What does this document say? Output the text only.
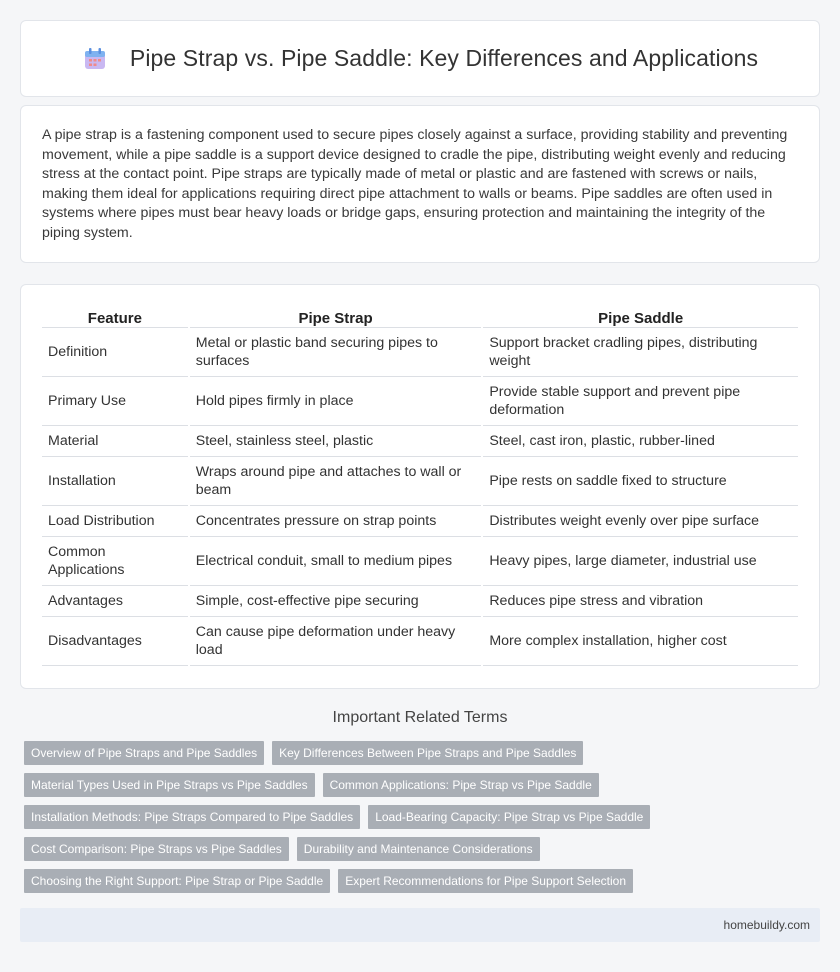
Pipe Strap vs. Pipe Saddle: Key Differences and Applications

A pipe strap is a fastening component used to secure pipes closely against a surface, providing stability and preventing movement, while a pipe saddle is a support device designed to cradle the pipe, distributing weight evenly and reducing stress at the contact point. Pipe straps are typically made of metal or plastic and are fastened with screws or nails, making them ideal for applications requiring direct pipe attachment to walls or beams. Pipe saddles are often used in systems where pipes must bear heavy loads or bridge gaps, ensuring protection and maintaining the integrity of the piping system.

Feature	Pipe Strap	Pipe Saddle
Definition	Metal or plastic band securing pipes to surfaces	Support bracket cradling pipes, distributing weight
Primary Use	Hold pipes firmly in place	Provide stable support and prevent pipe deformation
Material	Steel, stainless steel, plastic	Steel, cast iron, plastic, rubber-lined
Installation	Wraps around pipe and attaches to wall or beam	Pipe rests on saddle fixed to structure
Load Distribution	Concentrates pressure on strap points	Distributes weight evenly over pipe surface
Common Applications	Electrical conduit, small to medium pipes	Heavy pipes, large diameter, industrial use
Advantages	Simple, cost-effective pipe securing	Reduces pipe stress and vibration
Disadvantages	Can cause pipe deformation under heavy load	More complex installation, higher cost
Important Related Terms
Overview of Pipe Straps and Pipe Saddles	Key Differences Between Pipe Straps and Pipe Saddles
Material Types Used in Pipe Straps vs Pipe Saddles	Common Applications: Pipe Strap vs Pipe Saddle
Installation Methods: Pipe Straps Compared to Pipe Saddles	Load-Bearing Capacity: Pipe Strap vs Pipe Saddle
Cost Comparison: Pipe Straps vs Pipe Saddles	Durability and Maintenance Considerations
Choosing the Right Support: Pipe Strap or Pipe Saddle	Expert Recommendations for Pipe Support Selection
homebuildy.com
